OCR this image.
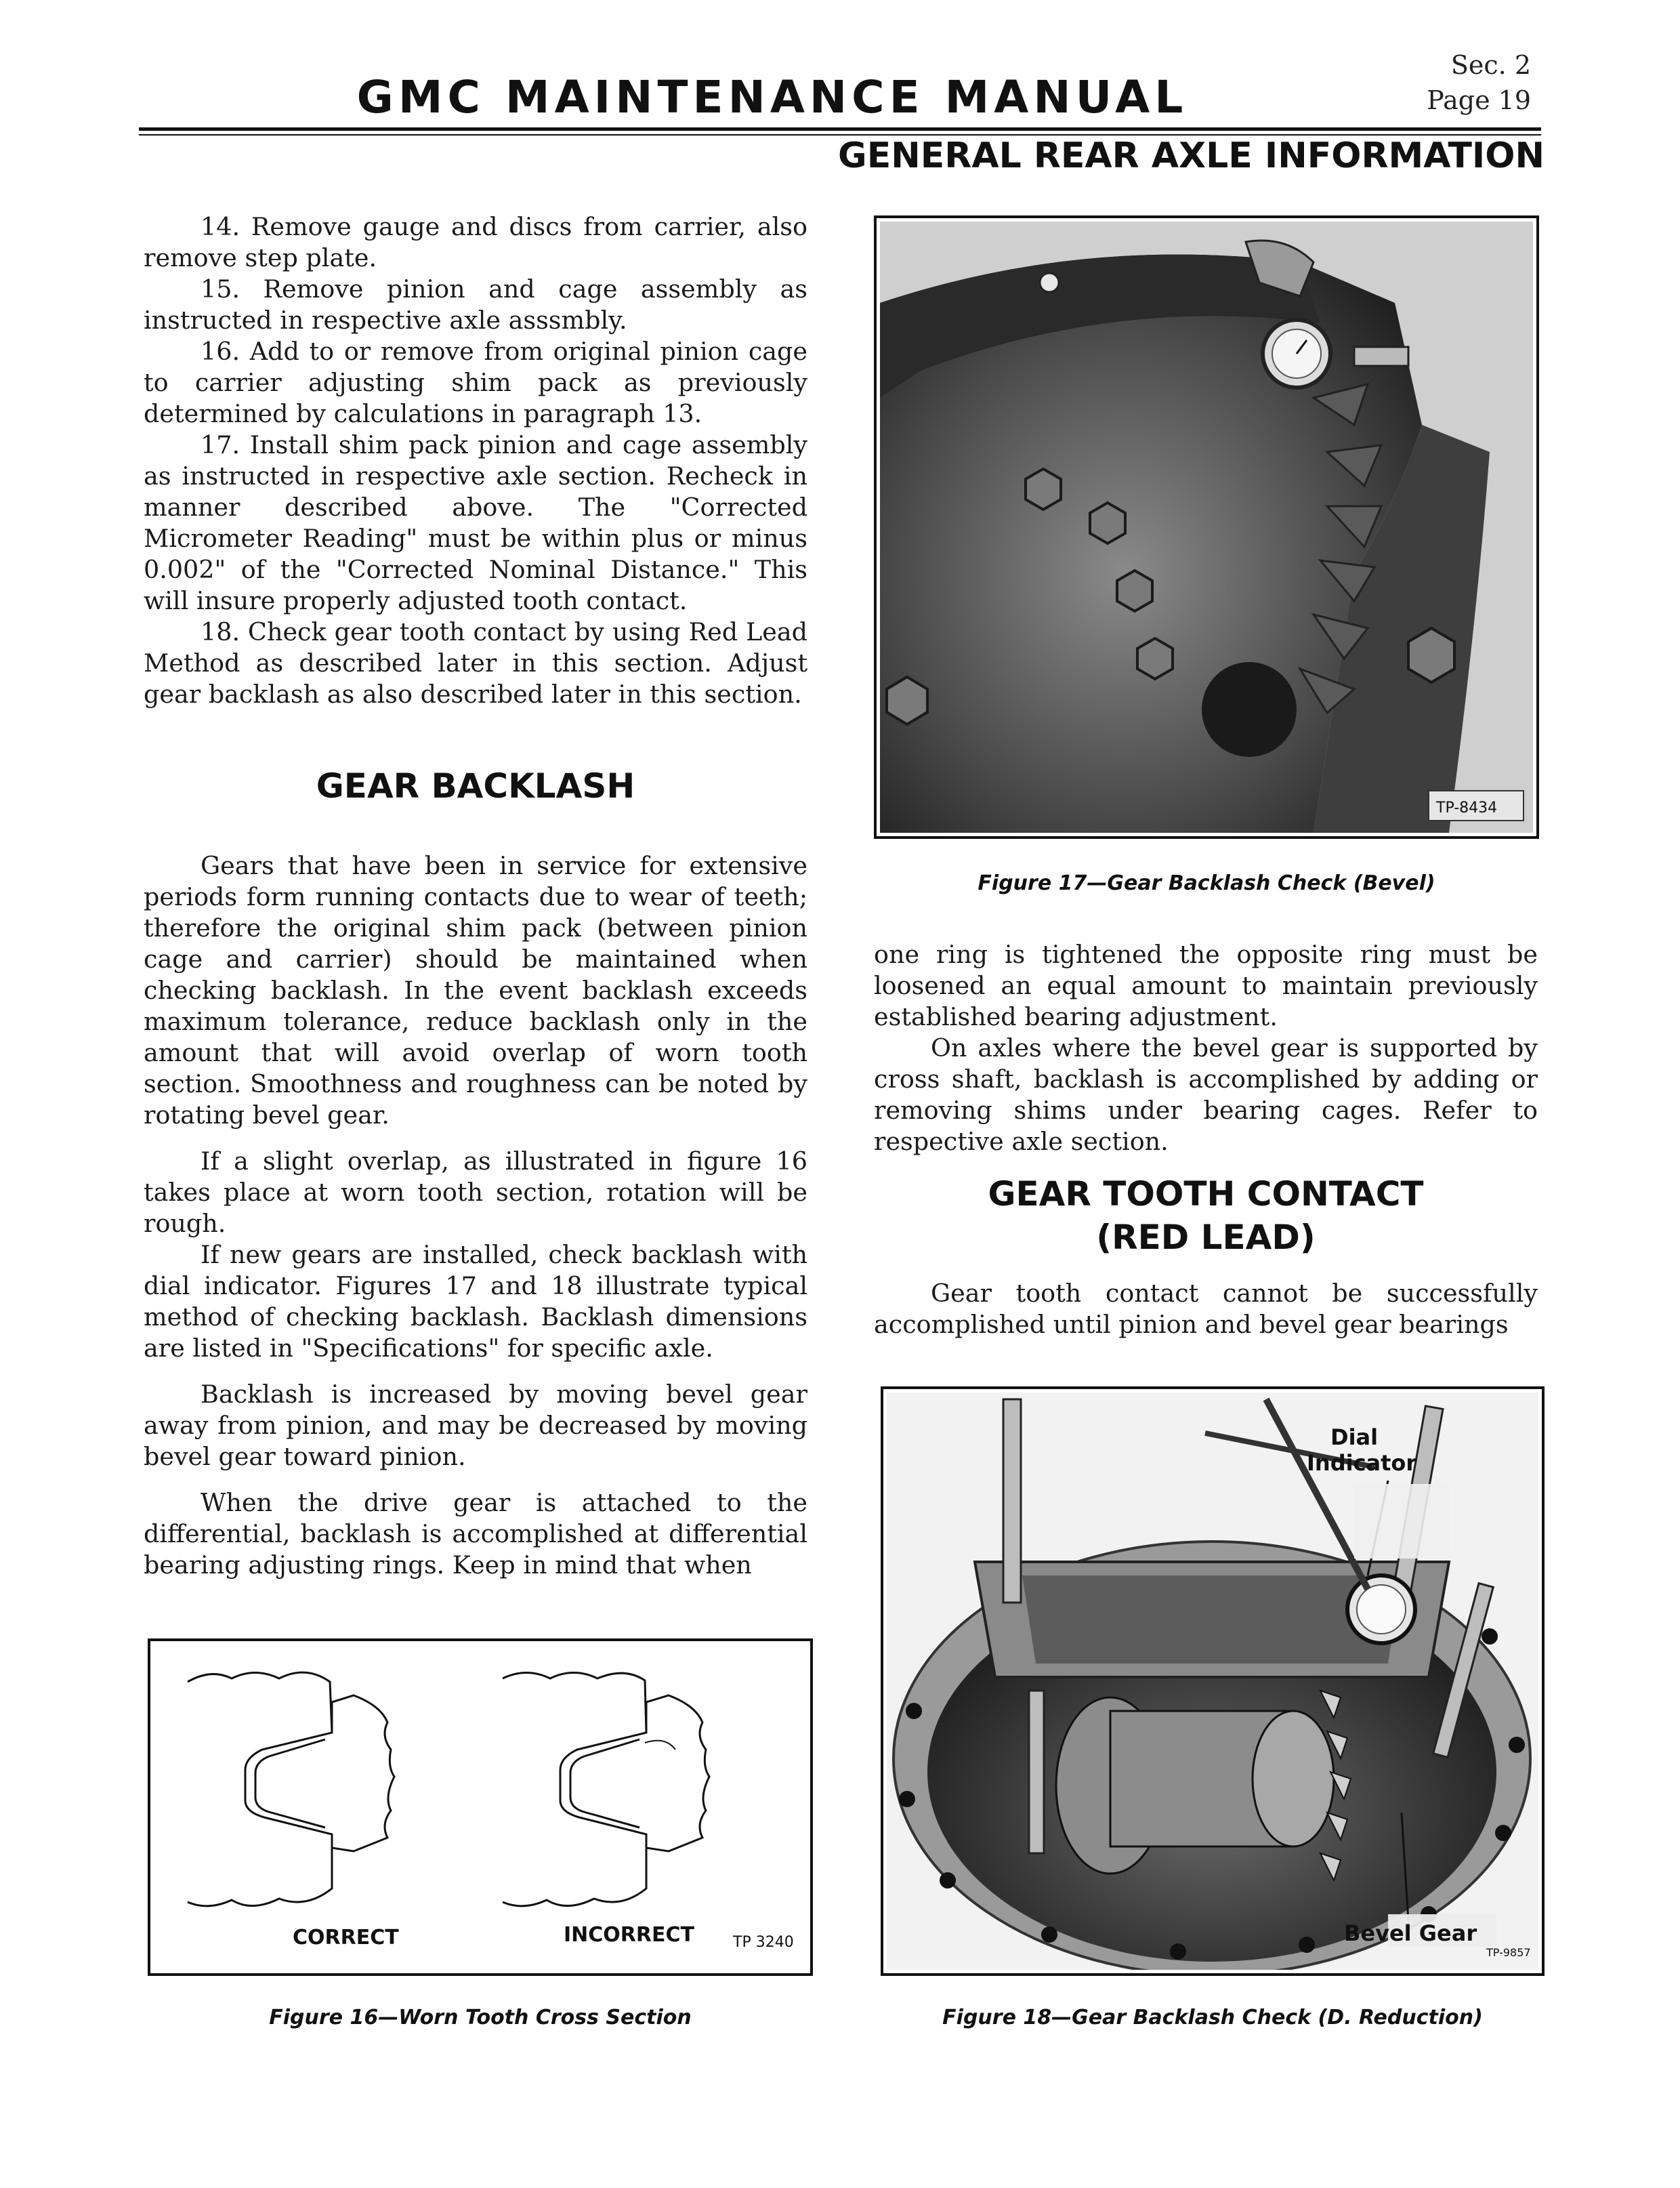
Sec. 2
Page 19
GMC MAINTENANCE MANUAL
GENERAL REAR AXLE INFORMATION

14. Remove gauge and discs from carrier, also remove step plate.

15. Remove pinion and cage assembly as instructed in respective axle asssmbly.

16. Add to or remove from original pinion cage to carrier adjusting shim pack as previously determined by calculations in paragraph 13.

17. Install shim pack pinion and cage assembly as instructed in respective axle section. Recheck in manner described above. The "Corrected Micrometer Reading" must be within plus or minus 0.002" of the "Corrected Nominal Distance." This will insure properly adjusted tooth contact.

18. Check gear tooth contact by using Red Lead Method as described later in this section. Adjust gear backlash as also described later in this section.

GEAR BACKLASH

Gears that have been in service for extensive periods form running contacts due to wear of teeth; therefore the original shim pack (between pinion cage and carrier) should be maintained when checking backlash. In the event backlash exceeds maximum tolerance, reduce backlash only in the amount that will avoid overlap of worn tooth section. Smoothness and roughness can be noted by rotating bevel gear.

If a slight overlap, as illustrated in figure 16 takes place at worn tooth section, rotation will be rough.

If new gears are installed, check backlash with dial indicator. Figures 17 and 18 illustrate typical method of checking backlash. Backlash dimensions are listed in "Specifications" for specific axle.

Backlash is increased by moving bevel gear away from pinion, and may be decreased by moving bevel gear toward pinion.

When the drive gear is attached to the differential, backlash is accomplished at differential bearing adjusting rings. Keep in mind that when

CORRECT	INCORRECT	TP 3240
Figure 16—Worn Tooth Cross Section
TP-8434
Figure 17—Gear Backlash Check (Bevel)

one ring is tightened the opposite ring must be loosened an equal amount to maintain previously established bearing adjustment.

On axles where the bevel gear is supported by cross shaft, backlash is accomplished by adding or removing shims under bearing cages. Refer to respective axle section.

GEAR TOOTH CONTACT
(RED LEAD)

Gear tooth contact cannot be successfully accomplished until pinion and bevel gear bearings

Dial
Indicator
Bevel Gear
TP-9857
Figure 18—Gear Backlash Check (D. Reduction)
